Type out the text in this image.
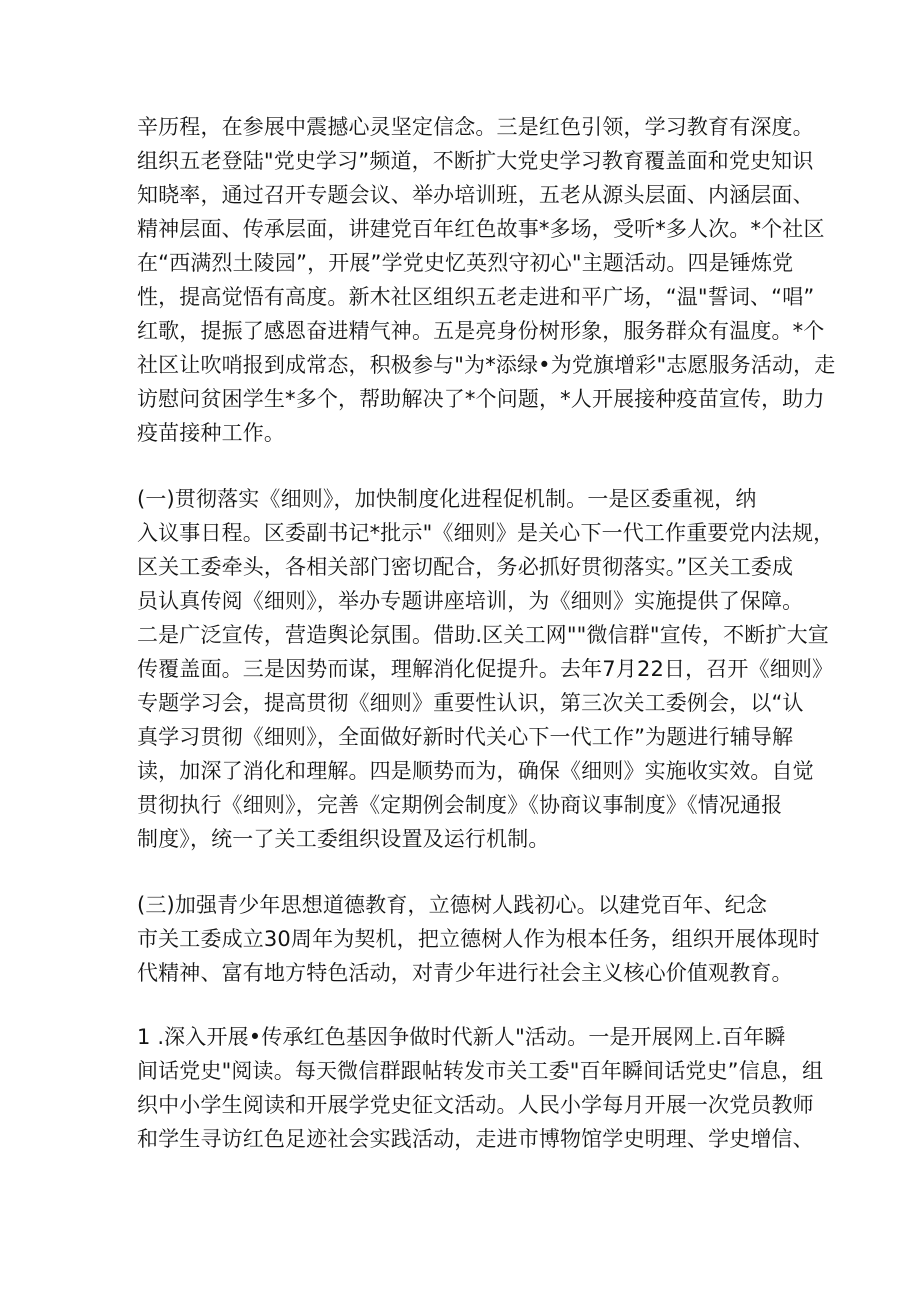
辛历程，在参展中震撼心灵坚定信念。三是红色引领，学习教育有深度。
组织五老登陆"党史学习”频道，不断扩大党史学习教育覆盖面和党史知识
知晓率，通过召开专题会议、举办培训班，五老从源头层面、内涵层面、
精神层面、传承层面，讲建党百年红色故事*多场，受听*多人次。*个社区
在“西满烈土陵园”，开展”学党史忆英烈守初心"主题活动。四是锤炼党
性，提高觉悟有高度。新木社区组织五老走进和平广场，“温"誓词、“唱”
红歌，提振了感恩奋进精气神。五是亮身份树形象，服务群众有温度。*个
社区让吹哨报到成常态，积极参与"为*添绿•为党旗增彩"志愿服务活动，走
访慰问贫困学生*多个，帮助解决了*个问题，*人开展接种疫苗宣传，助力
疫苗接种工作。
(一)贯彻落实《细则》，加快制度化进程促机制。一是区委重视，纳
入议事日程。区委副书记*批示"《细则》是关心下一代工作重要党内法规，
区关工委牵头，各相关部门密切配合，务必抓好贯彻落实。”区关工委成
员认真传阅《细则》，举办专题讲座培训，为《细则》实施提供了保障。
二是广泛宣传，营造舆论氛围。借助.区关工网""微信群"宣传，不断扩大宣
传覆盖面。三是因势而谋，理解消化促提升。去年7月22日，召开《细则》
专题学习会，提高贯彻《细则》重要性认识，第三次关工委例会，以“认
真学习贯彻《细则》，全面做好新时代关心下一代工作”为题进行辅导解
读，加深了消化和理解。四是顺势而为，确保《细则》实施收实效。自觉
贯彻执行《细则》，完善《定期例会制度》《协商议事制度》《情况通报
制度》，统一了关工委组织设置及运行机制。
(三)加强青少年思想道德教育，立德树人践初心。以建党百年、纪念
市关工委成立30周年为契机，把立德树人作为根本任务，组织开展体现时
代精神、富有地方特色活动，对青少年进行社会主义核心价值观教育。
1 .深入开展•传承红色基因争做时代新人"活动。一是开展网上.百年瞬
间话党史"阅读。每天微信群跟帖转发市关工委"百年瞬间话党史”信息，组
织中小学生阅读和开展学党史征文活动。人民小学每月开展一次党员教师
和学生寻访红色足迹社会实践活动，走进市博物馆学史明理、学史增信、
